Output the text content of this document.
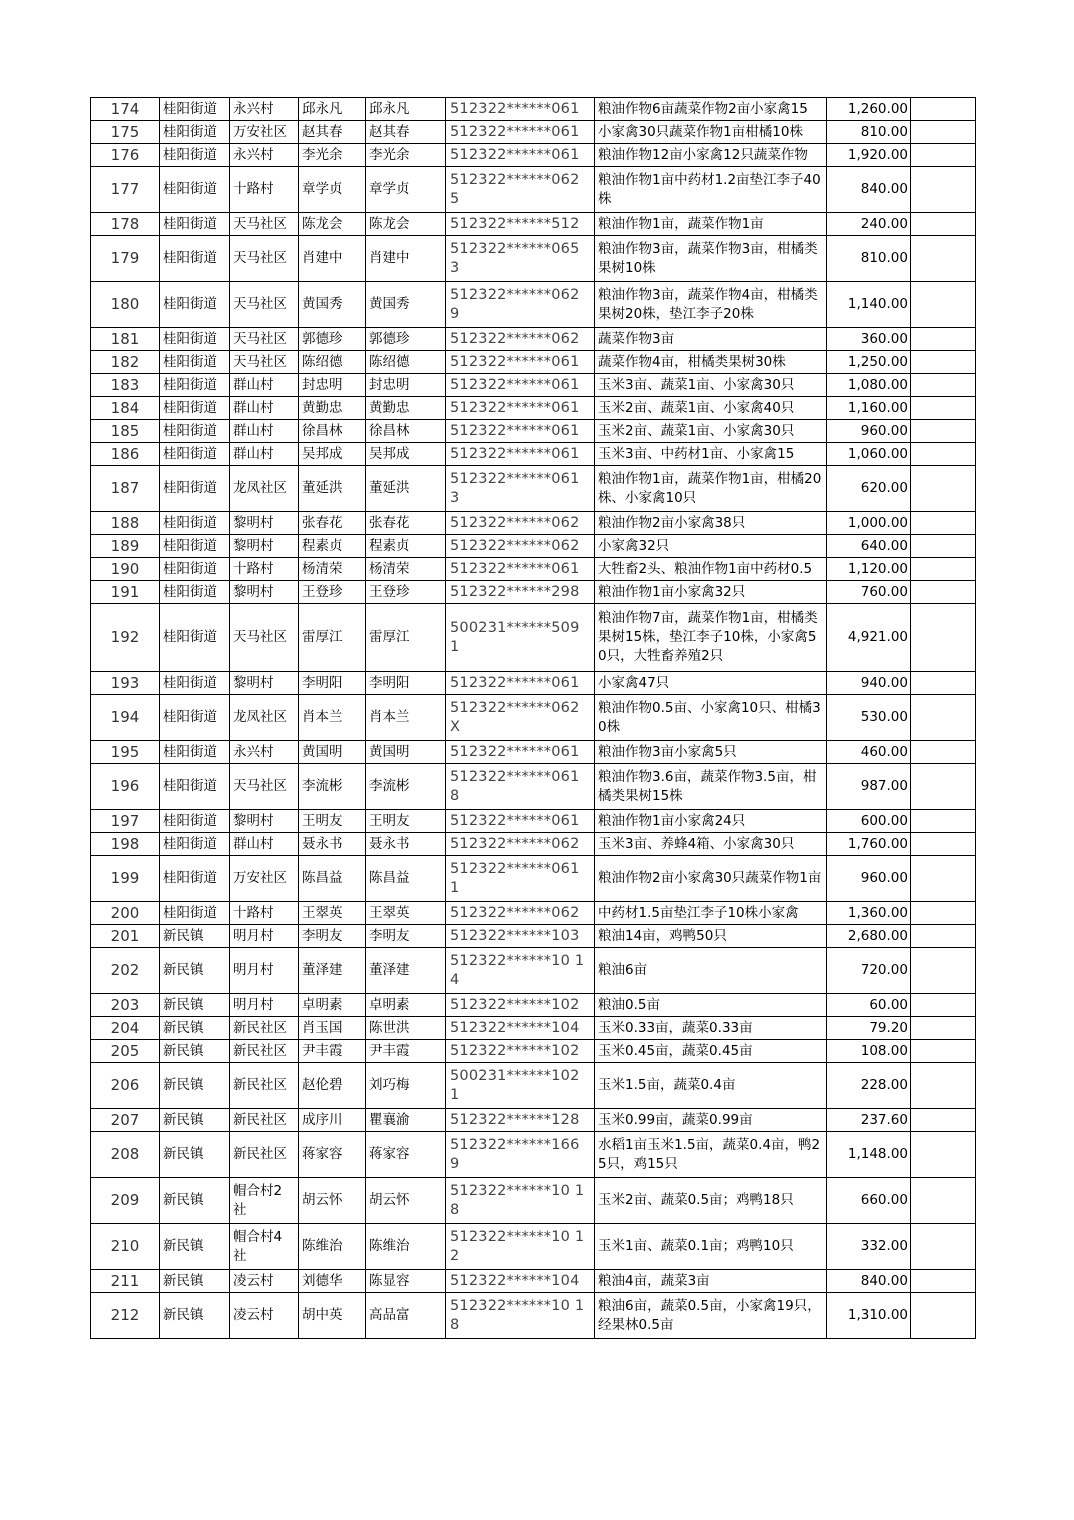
174	桂阳街道	永兴村	邱永凡	邱永凡	512322******061	粮油作物6亩蔬菜作物2亩小家禽15	1,260.00	
175	桂阳街道	万安社区	赵其春	赵其春	512322******061	小家禽30只蔬菜作物1亩柑橘10株	810.00	
176	桂阳街道	永兴村	李光余	李光余	512322******061	粮油作物12亩小家禽12只蔬菜作物	1,920.00	
177	桂阳街道	十路村	章学贞	章学贞	512322******062 5	粮油作物1亩中药材1.2亩垫江李子40株	840.00	
178	桂阳街道	天马社区	陈龙会	陈龙会	512322******512	粮油作物1亩，蔬菜作物1亩	240.00	
179	桂阳街道	天马社区	肖建中	肖建中	512322******065 3	粮油作物3亩，蔬菜作物3亩，柑橘类果树10株	810.00	
180	桂阳街道	天马社区	黄国秀	黄国秀	512322******062 9	粮油作物3亩，蔬菜作物4亩，柑橘类果树20株，垫江李子20株	1,140.00	
181	桂阳街道	天马社区	郭德珍	郭德珍	512322******062	蔬菜作物3亩	360.00	
182	桂阳街道	天马社区	陈绍德	陈绍德	512322******061	蔬菜作物4亩，柑橘类果树30株	1,250.00	
183	桂阳街道	群山村	封忠明	封忠明	512322******061	玉米3亩、蔬菜1亩、小家禽30只	1,080.00	
184	桂阳街道	群山村	黄勤忠	黄勤忠	512322******061	玉米2亩、蔬菜1亩、小家禽40只	1,160.00	
185	桂阳街道	群山村	徐昌林	徐昌林	512322******061	玉米2亩、蔬菜1亩、小家禽30只	960.00	
186	桂阳街道	群山村	吴邦成	吴邦成	512322******061	玉米3亩、中药材1亩、小家禽15	1,060.00	
187	桂阳街道	龙凤社区	董延洪	董延洪	512322******061 3	粮油作物1亩，蔬菜作物1亩，柑橘20株、小家禽10只	620.00	
188	桂阳街道	黎明村	张春花	张春花	512322******062	粮油作物2亩小家禽38只	1,000.00	
189	桂阳街道	黎明村	程素贞	程素贞	512322******062	小家禽32只	640.00	
190	桂阳街道	十路村	杨清荣	杨清荣	512322******061	大牲畜2头、粮油作物1亩中药材0.5	1,120.00	
191	桂阳街道	黎明村	王登珍	王登珍	512322******298	粮油作物1亩小家禽32只	760.00	
192	桂阳街道	天马社区	雷厚江	雷厚江	500231******509 1	粮油作物7亩，蔬菜作物1亩，柑橘类果树15株，垫江李子10株，小家禽50只，大牲畜养殖2只	4,921.00	
193	桂阳街道	黎明村	李明阳	李明阳	512322******061	小家禽47只	940.00	
194	桂阳街道	龙凤社区	肖本兰	肖本兰	512322******062 X	粮油作物0.5亩、小家禽10只、柑橘30株	530.00	
195	桂阳街道	永兴村	黄国明	黄国明	512322******061	粮油作物3亩小家禽5只	460.00	
196	桂阳街道	天马社区	李流彬	李流彬	512322******061 8	粮油作物3.6亩，蔬菜作物3.5亩，柑橘类果树15株	987.00	
197	桂阳街道	黎明村	王明友	王明友	512322******061	粮油作物1亩小家禽24只	600.00	
198	桂阳街道	群山村	聂永书	聂永书	512322******062	玉米3亩、养蜂4箱、小家禽30只	1,760.00	
199	桂阳街道	万安社区	陈昌益	陈昌益	512322******061 1	粮油作物2亩小家禽30只蔬菜作物1亩	960.00	
200	桂阳街道	十路村	王翠英	王翠英	512322******062	中药材1.5亩垫江李子10株小家禽	1,360.00	
201	新民镇	明月村	李明友	李明友	512322******103	粮油14亩，鸡鸭50只	2,680.00	
202	新民镇	明月村	董泽建	董泽建	512322******10 14	粮油6亩	720.00	
203	新民镇	明月村	卓明素	卓明素	512322******102	粮油0.5亩	60.00	
204	新民镇	新民社区	肖玉国	陈世洪	512322******104	玉米0.33亩，蔬菜0.33亩	79.20	
205	新民镇	新民社区	尹丰霞	尹丰霞	512322******102	玉米0.45亩，蔬菜0.45亩	108.00	
206	新民镇	新民社区	赵伦碧	刘巧梅	500231******102 1	玉米1.5亩，蔬菜0.4亩	228.00	
207	新民镇	新民社区	成序川	瞿襄渝	512322******128	玉米0.99亩，蔬菜0.99亩	237.60	
208	新民镇	新民社区	蒋家容	蒋家容	512322******166 9	水稻1亩玉米1.5亩，蔬菜0.4亩，鸭25只，鸡15只	1,148.00	
209	新民镇	帽合村2社	胡云怀	胡云怀	512322******10 18	玉米2亩、蔬菜0.5亩；鸡鸭18只	660.00	
210	新民镇	帽合村4社	陈维治	陈维治	512322******10 12	玉米1亩、蔬菜0.1亩；鸡鸭10只	332.00	
211	新民镇	凌云村	刘德华	陈显容	512322******104	粮油4亩，蔬菜3亩	840.00	
212	新民镇	凌云村	胡中英	高品富	512322******10 18	粮油6亩，蔬菜0.5亩，小家禽19只，经果林0.5亩	1,310.00	
